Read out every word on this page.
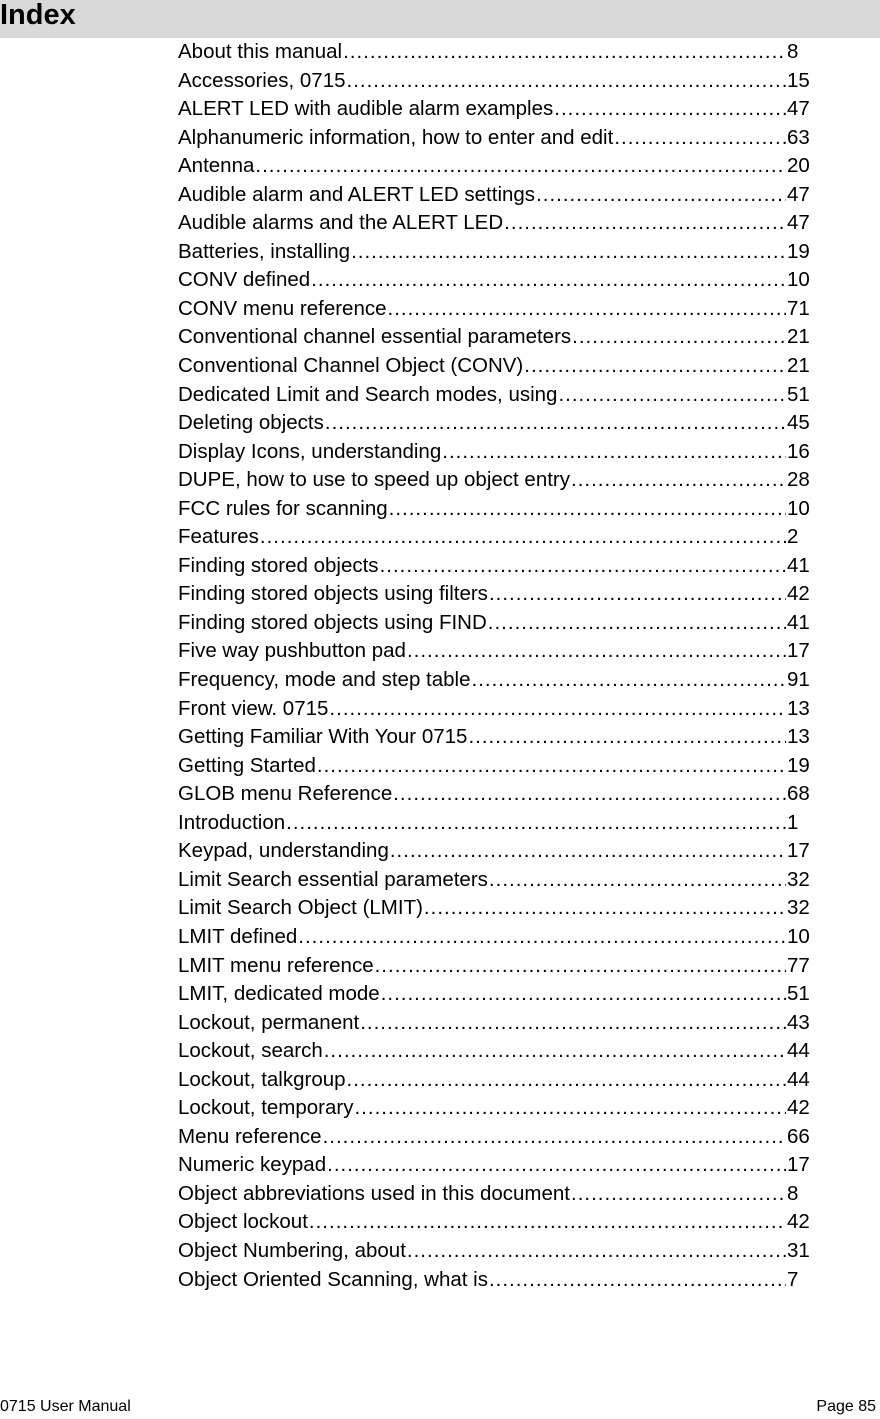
Index
About this manual .....	8
Accessories, 0715 .....	15
ALERT LED with audible alarm examples .....	47
Alphanumeric information, how to enter and edit .....	63
Antenna .....	20
Audible alarm and ALERT LED settings .....	47
Audible alarms and the ALERT LED .....	47
Batteries, installing .....	19
CONV defined .....	10
CONV menu reference .....	71
Conventional channel essential parameters .....	21
Conventional Channel Object (CONV) .....	21
Dedicated Limit and Search modes, using .....	51
Deleting objects .....	45
Display Icons, understanding .....	16
DUPE, how to use to speed up object entry .....	28
FCC rules for scanning .....	10
Features .....	2
Finding stored objects .....	41
Finding stored objects using filters .....	42
Finding stored objects using FIND .....	41
Five way pushbutton pad .....	17
Frequency, mode and step table .....	91
Front view. 0715 .....	13
Getting Familiar With Your 0715 .....	13
Getting Started .....	19
GLOB menu Reference .....	68
Introduction .....	1
Keypad, understanding .....	17
Limit Search essential parameters .....	32
Limit Search Object (LMIT) .....	32
LMIT defined .....	10
LMIT menu reference .....	77
LMIT, dedicated mode .....	51
Lockout, permanent .....	43
Lockout, search .....	44
Lockout, talkgroup .....	44
Lockout, temporary .....	42
Menu reference .....	66
Numeric keypad .....	17
Object abbreviations used in this document .....	8
Object lockout .....	42
Object Numbering, about .....	31
Object Oriented Scanning, what is .....	7
0715 User Manual	Page 85
